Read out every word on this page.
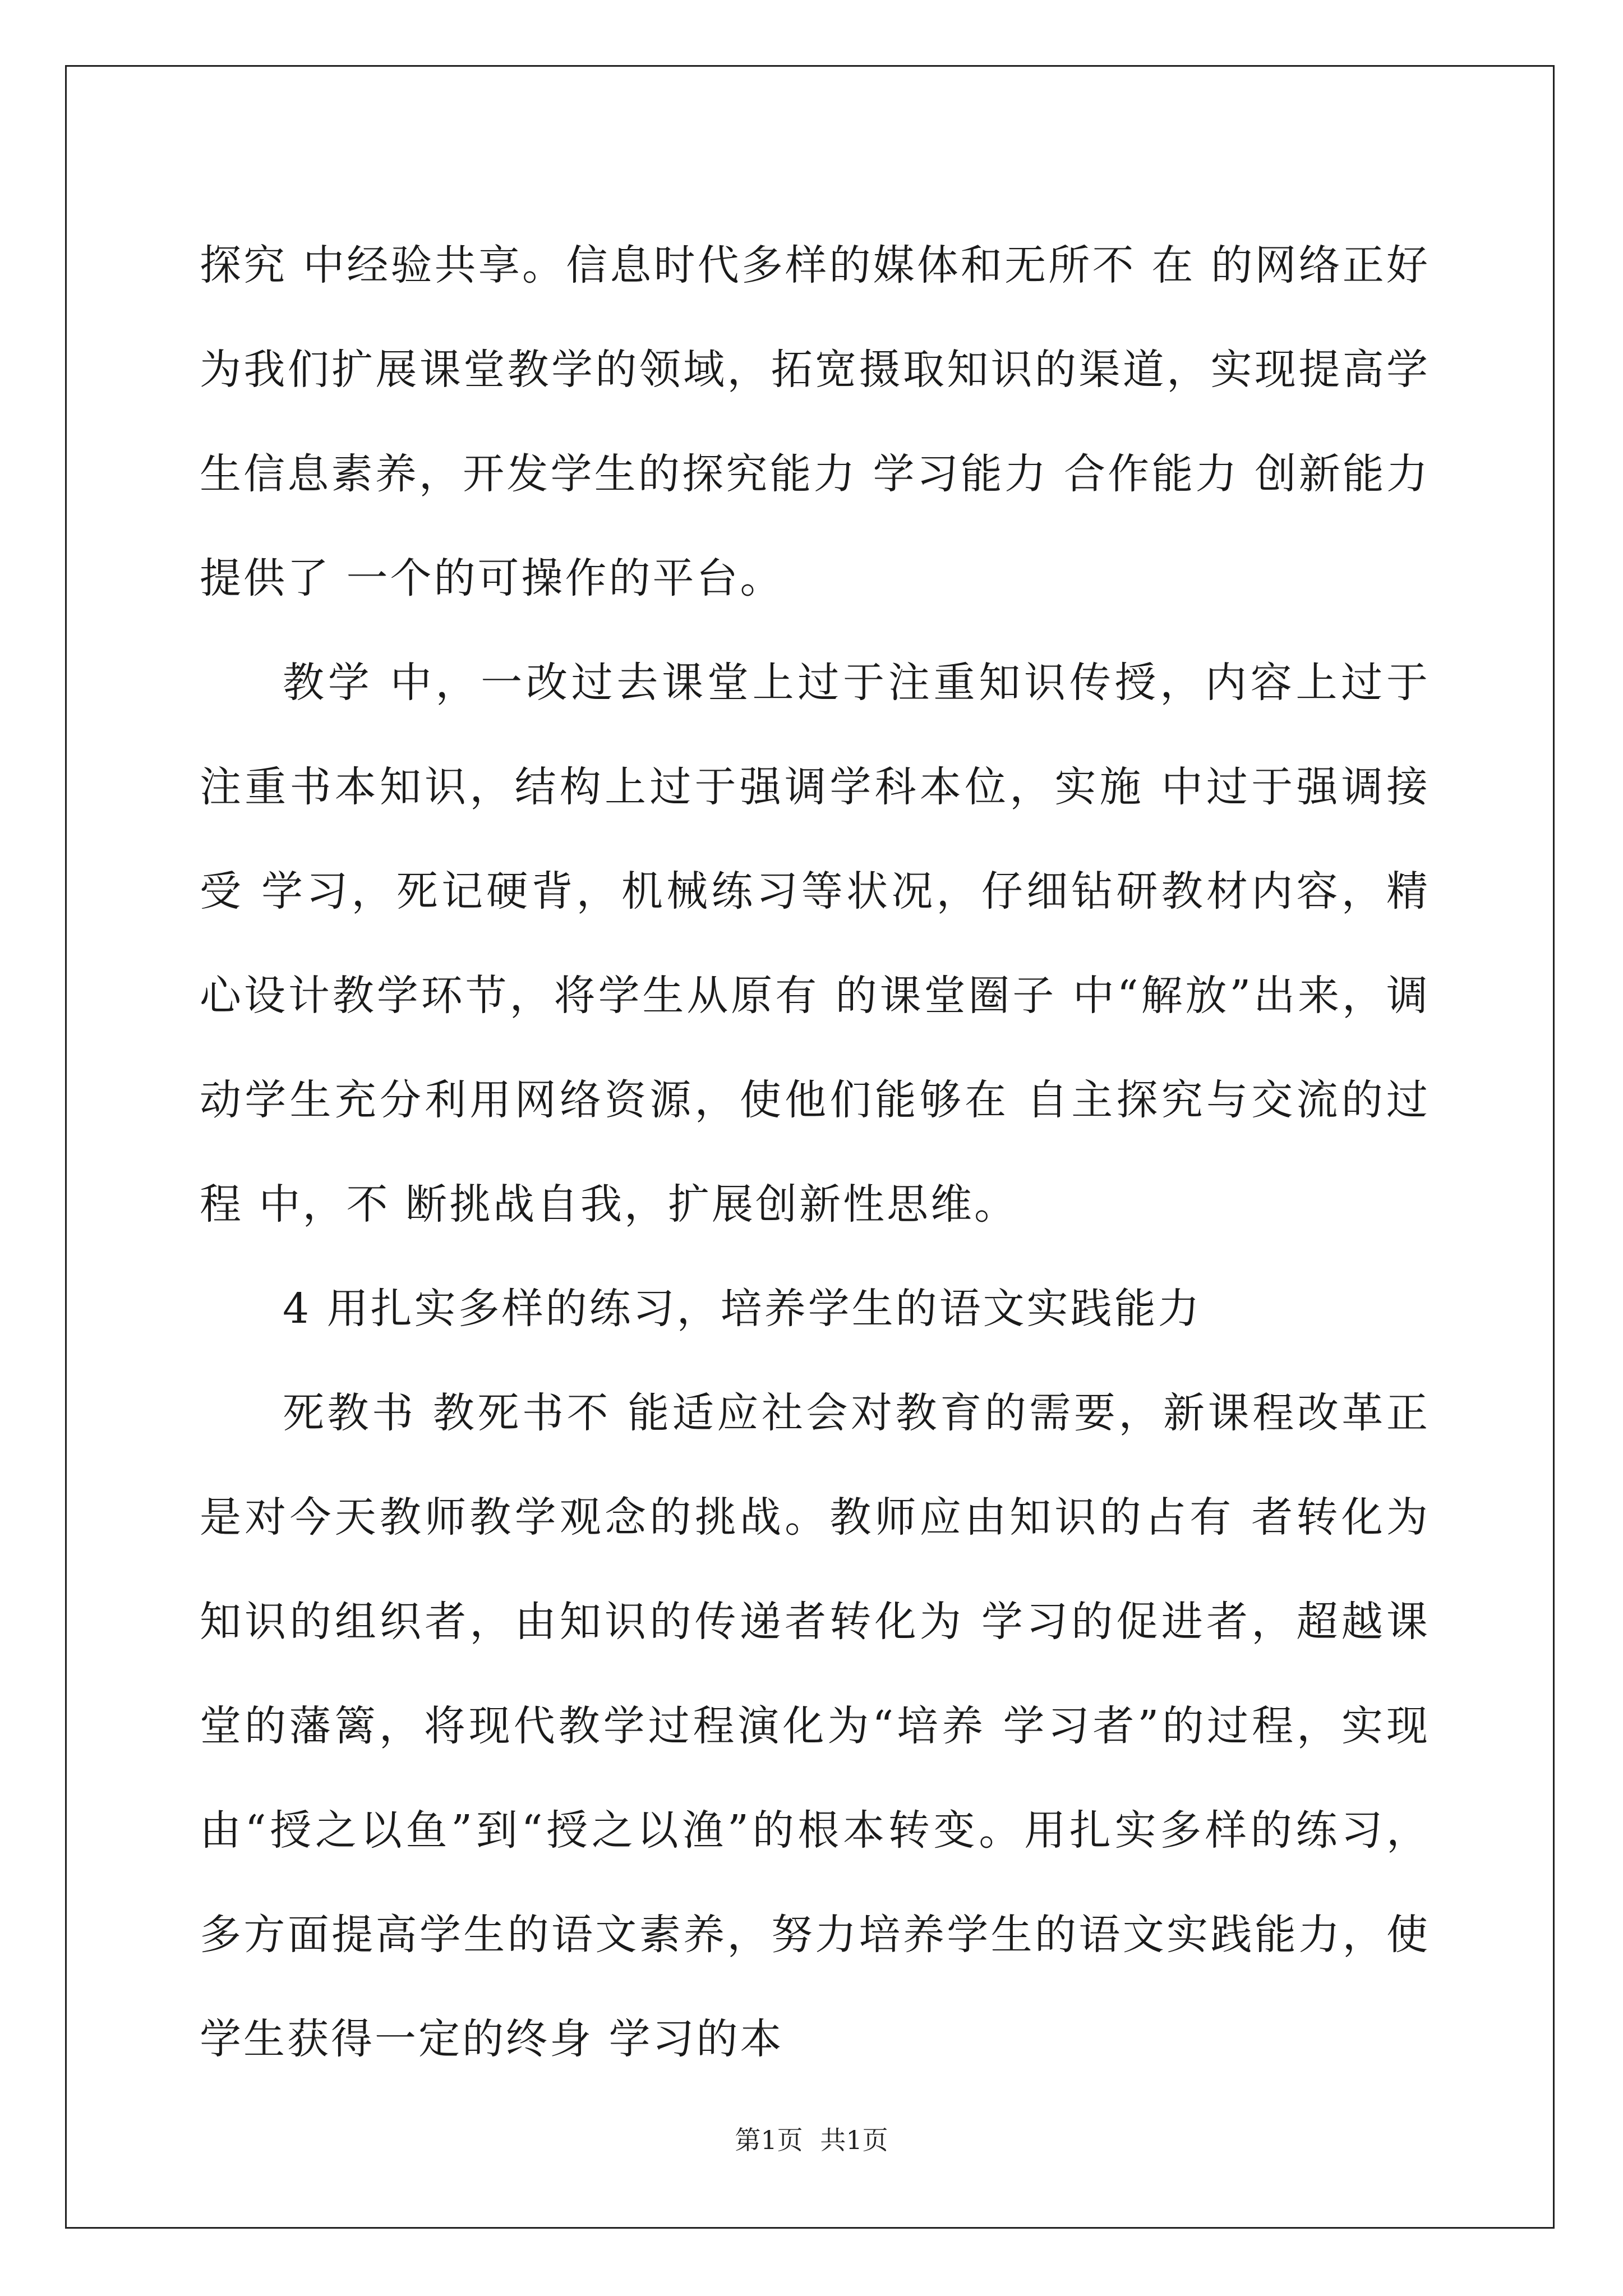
探究 中经验共享。信息时代多样的媒体和无所不 在 的网络正好为我们扩展课堂教学的领域，拓宽摄取知识的渠道，实现提高学生信息素养，开发学生的探究能力 学习能力 合作能力 创新能力提供了 一个的可操作的平台。

教学 中，一改过去课堂上过于注重知识传授，内容上过于注重书本知识，结构上过于强调学科本位，实施 中过于强调接受 学习，死记硬背，机械练习等状况，仔细钻研教材内容，精心设计教学环节，将学生从原有 的课堂圈子 中“解放”出来，调动学生充分利用网络资源，使他们能够在 自主探究与交流的过程 中，不 断挑战自我，扩展创新性思维。

4 用扎实多样的练习，培养学生的语文实践能力

死教书 教死书不 能适应社会对教育的需要，新课程改革正是对今天教师教学观念的挑战。教师应由知识的占有 者转化为知识的组织者，由知识的传递者转化为 学习的促进者，超越课堂的藩篱，将现代教学过程演化为“培养 学习者”的过程，实现由“授之以鱼”到“授之以渔”的根本转变。用扎实多样的练习，多方面提高学生的语文素养，努力培养学生的语文实践能力，使学生获得一定的终身 学习的本

第1页 共1页
